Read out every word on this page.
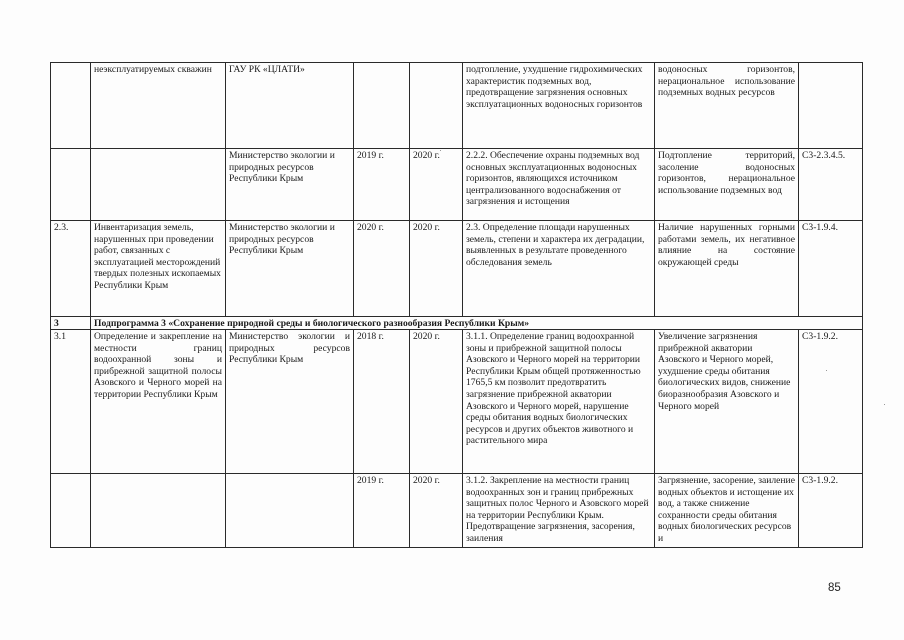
	неэксплуатируемых скважин	ГАУ РК «ЦЛАТИ»			подтопление, ухудшение гидрохимических характеристик подземных вод, предотвращение загрязнения основных эксплуатационных водоносных горизонтов	водоносных горизонтов, нерациональное использование подземных водных ресурсов	

		Министерство экологии и природных ресурсов Республики Крым	2019 г.	2020 г.	2.2.2. Обеспечение охраны подземных вод основных эксплуатационных водоносных горизонтов, являющихся источником централизованного водоснабжения от загрязнения и истощения	Подтопление территорий, засоление водоносных горизонтов, нерациональное использование подземных вод	С3-2.3.4.5.

2.3.	Инвентаризация земель, нарушенных при проведении работ, связанных с эксплуатацией месторождений твердых полезных ископаемых Республики Крым	Министерство экологии и природных ресурсов Республики Крым	2020 г.	2020 г.	2.3. Определение площади нарушенных земель, степени и характера их деградации, выявленных в результате проведенного обследования земель	Наличие нарушенных горными работами земель, их негативное влияние на состояние окружающей среды	С3-1.9.4.

3	Подпрограмма 3 «Сохранение природной среды и биологического разнообразия Республики Крым»						

3.1	Определение и закрепление на местности границ водоохранной зоны и прибрежной защитной полосы Азовского и Черного морей на территории Республики Крым	Министерство экологии и природных ресурсов Республики Крым	2018 г.	2020 г.	3.1.1. Определение границ водоохранной зоны и прибрежной защитной полосы Азовского и Черного морей на территории Республики Крым общей протяженностью 1765,5 км позволит предотвратить загрязнение прибрежной акватории Азовского и Черного морей, нарушение среды обитания водных биологических ресурсов и других объектов животного и растительного мира	Увеличение загрязнения прибрежной акватории Азовского и Черного морей, ухудшение среды обитания биологических видов, снижение биоразнообразия Азовского и Черного морей	С3-1.9.2.

			2019 г.	2020 г.	3.1.2. Закрепление на местности границ водоохранных зон и границ прибрежных защитных полос Черного и Азовского морей на территории Республики Крым. Предотвращение загрязнения, засорения, заиления	Загрязнение, засорение, заиление водных объектов и истощение их вод, а также снижение сохранности среды обитания водных биологических ресурсов и	С3-1.9.2.
85
